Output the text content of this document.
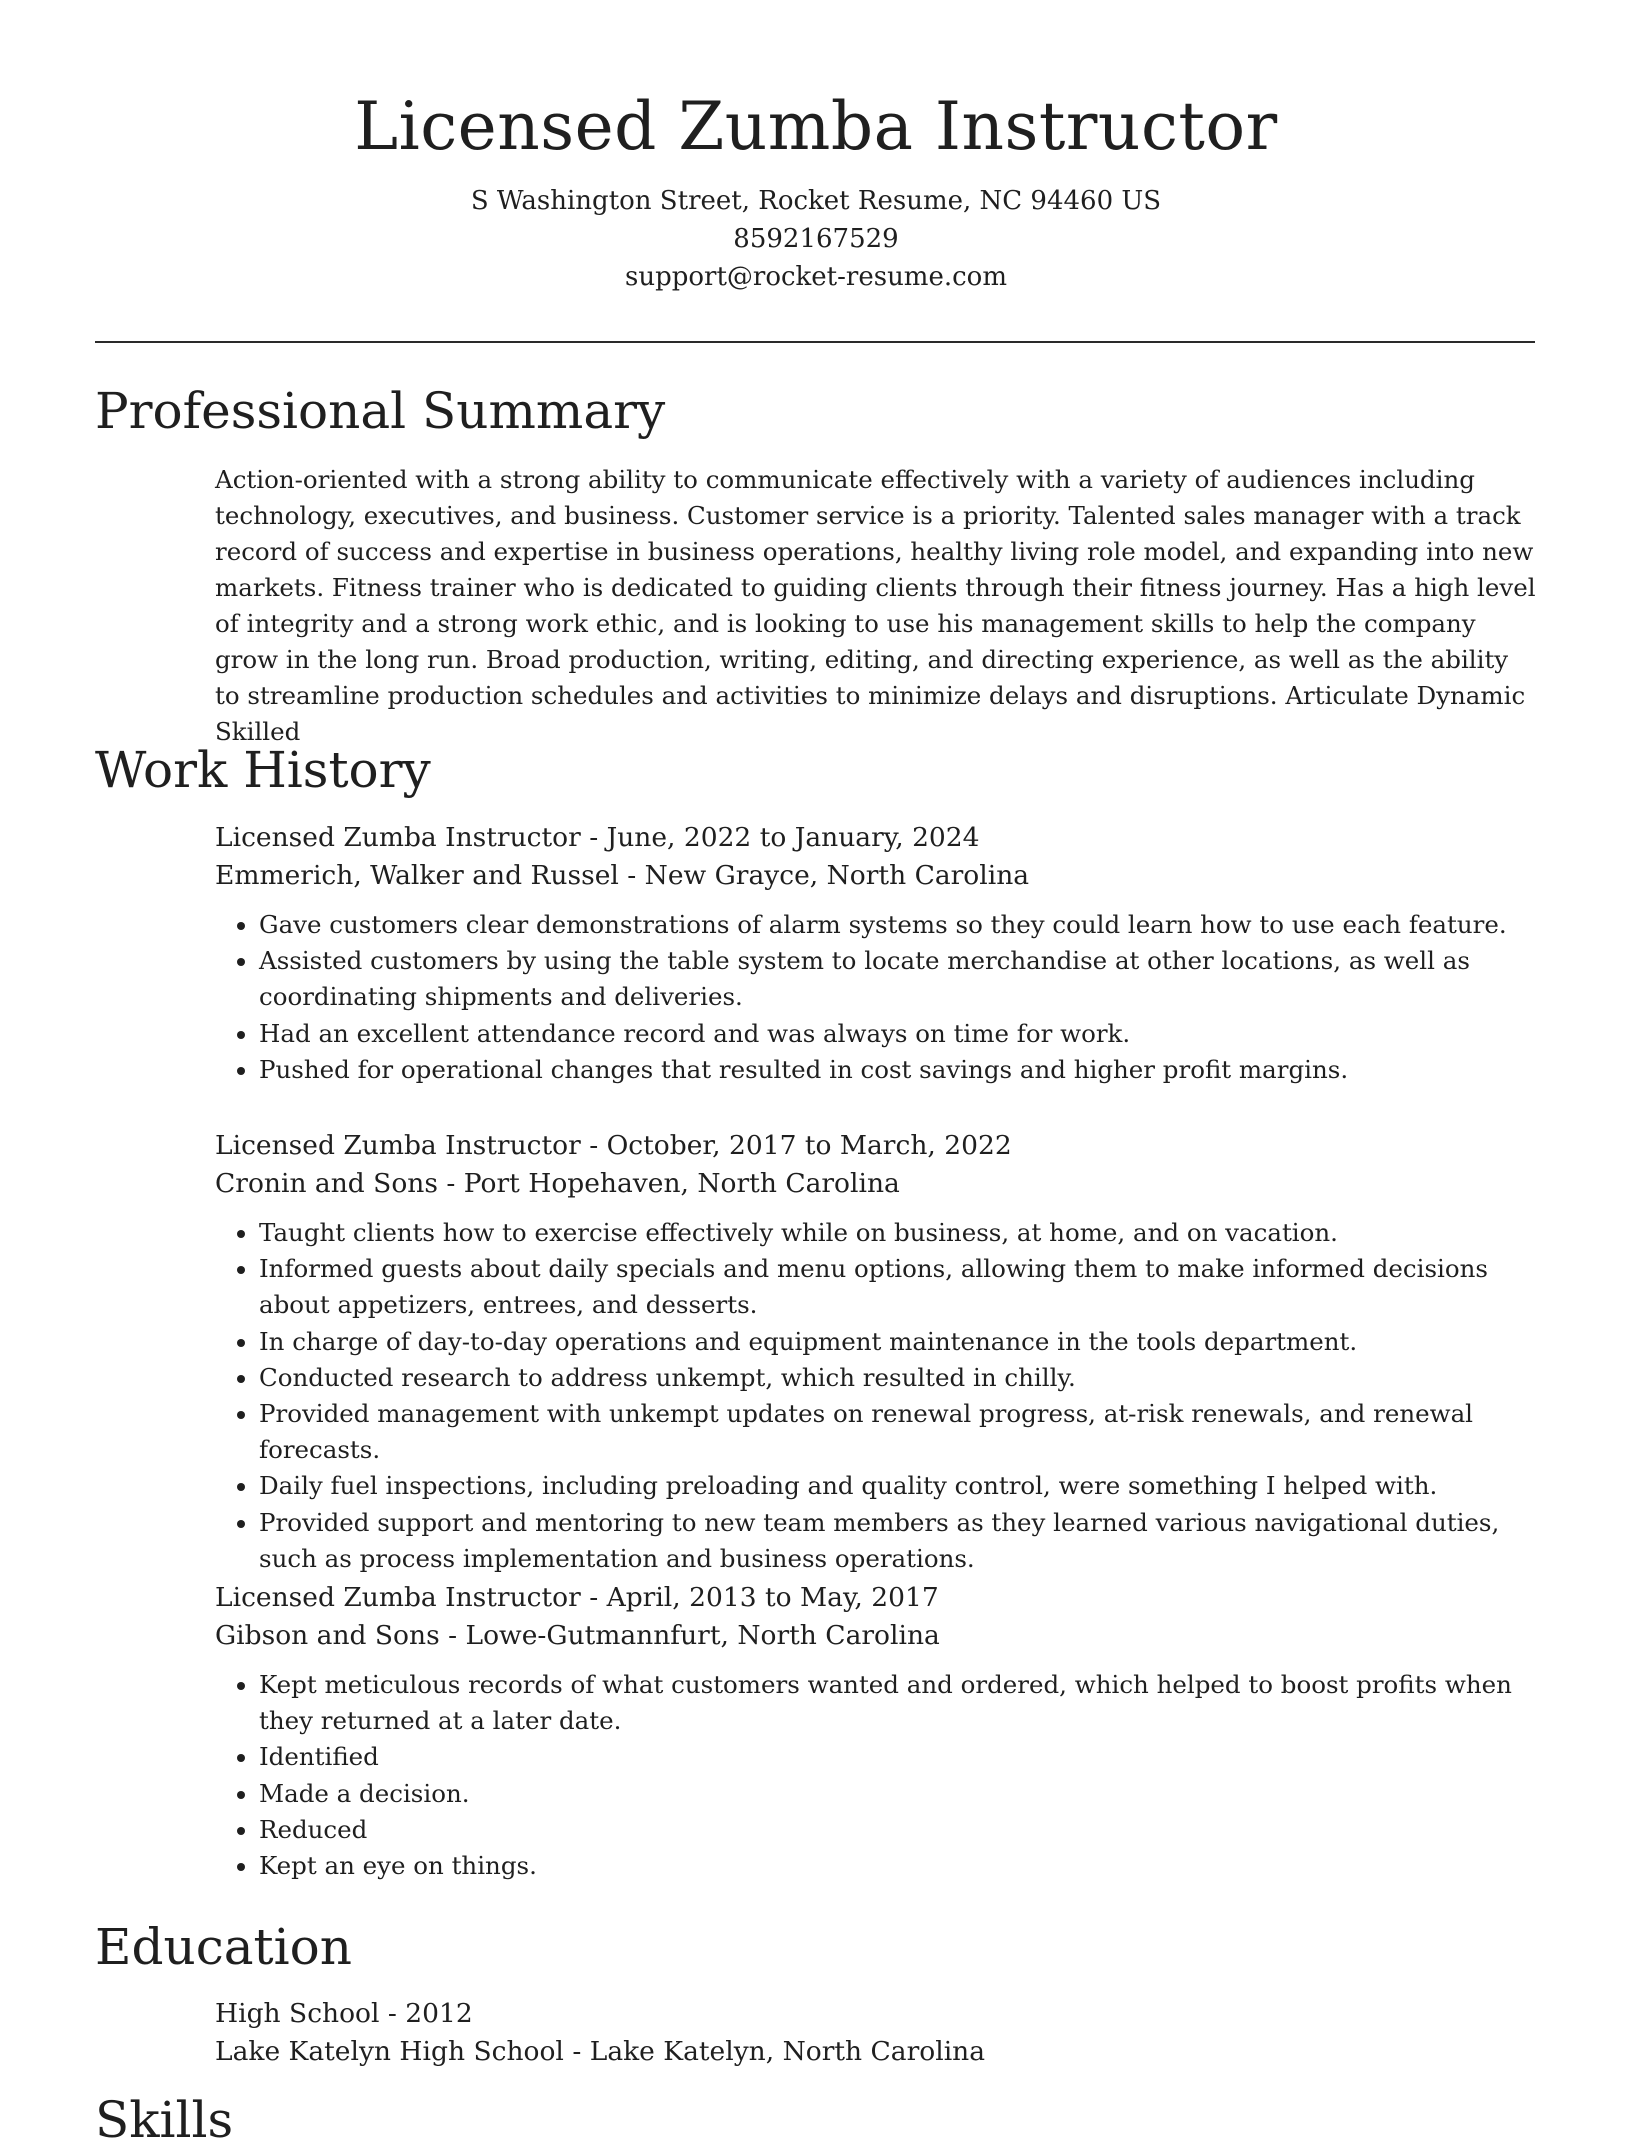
Licensed Zumba Instructor
S Washington Street, Rocket Resume, NC 94460 US
8592167529
support@rocket-resume.com
Professional Summary

Action-oriented with a strong ability to communicate effectively with a variety of audiences including technology, executives, and business. Customer service is a priority. Talented sales manager with a track record of success and expertise in business operations, healthy living role model, and expanding into new markets. Fitness trainer who is dedicated to guiding clients through their fitness journey. Has a high level of integrity and a strong work ethic, and is looking to use his management skills to help the company grow in the long run. Broad production, writing, editing, and directing experience, as well as the ability to streamline production schedules and activities to minimize delays and disruptions. Articulate Dynamic Skilled

Work History
Licensed Zumba Instructor - June, 2022 to January, 2024
Emmerich, Walker and Russel - New Grayce, North Carolina
• Gave customers clear demonstrations of alarm systems so they could learn how to use each feature.
• Assisted customers by using the table system to locate merchandise at other locations, as well as coordinating shipments and deliveries.
• Had an excellent attendance record and was always on time for work.
• Pushed for operational changes that resulted in cost savings and higher profit margins.
Licensed Zumba Instructor - October, 2017 to March, 2022
Cronin and Sons - Port Hopehaven, North Carolina
• Taught clients how to exercise effectively while on business, at home, and on vacation.
• Informed guests about daily specials and menu options, allowing them to make informed decisions about appetizers, entrees, and desserts.
• In charge of day-to-day operations and equipment maintenance in the tools department.
• Conducted research to address unkempt, which resulted in chilly.
• Provided management with unkempt updates on renewal progress, at-risk renewals, and renewal forecasts.
• Daily fuel inspections, including preloading and quality control, were something I helped with.
• Provided support and mentoring to new team members as they learned various navigational duties, such as process implementation and business operations.
Licensed Zumba Instructor - April, 2013 to May, 2017
Gibson and Sons - Lowe-Gutmannfurt, North Carolina
• Kept meticulous records of what customers wanted and ordered, which helped to boost profits when they returned at a later date.
• Identified
• Made a decision.
• Reduced
• Kept an eye on things.
Education
High School - 2012
Lake Katelyn High School - Lake Katelyn, North Carolina
Skills
